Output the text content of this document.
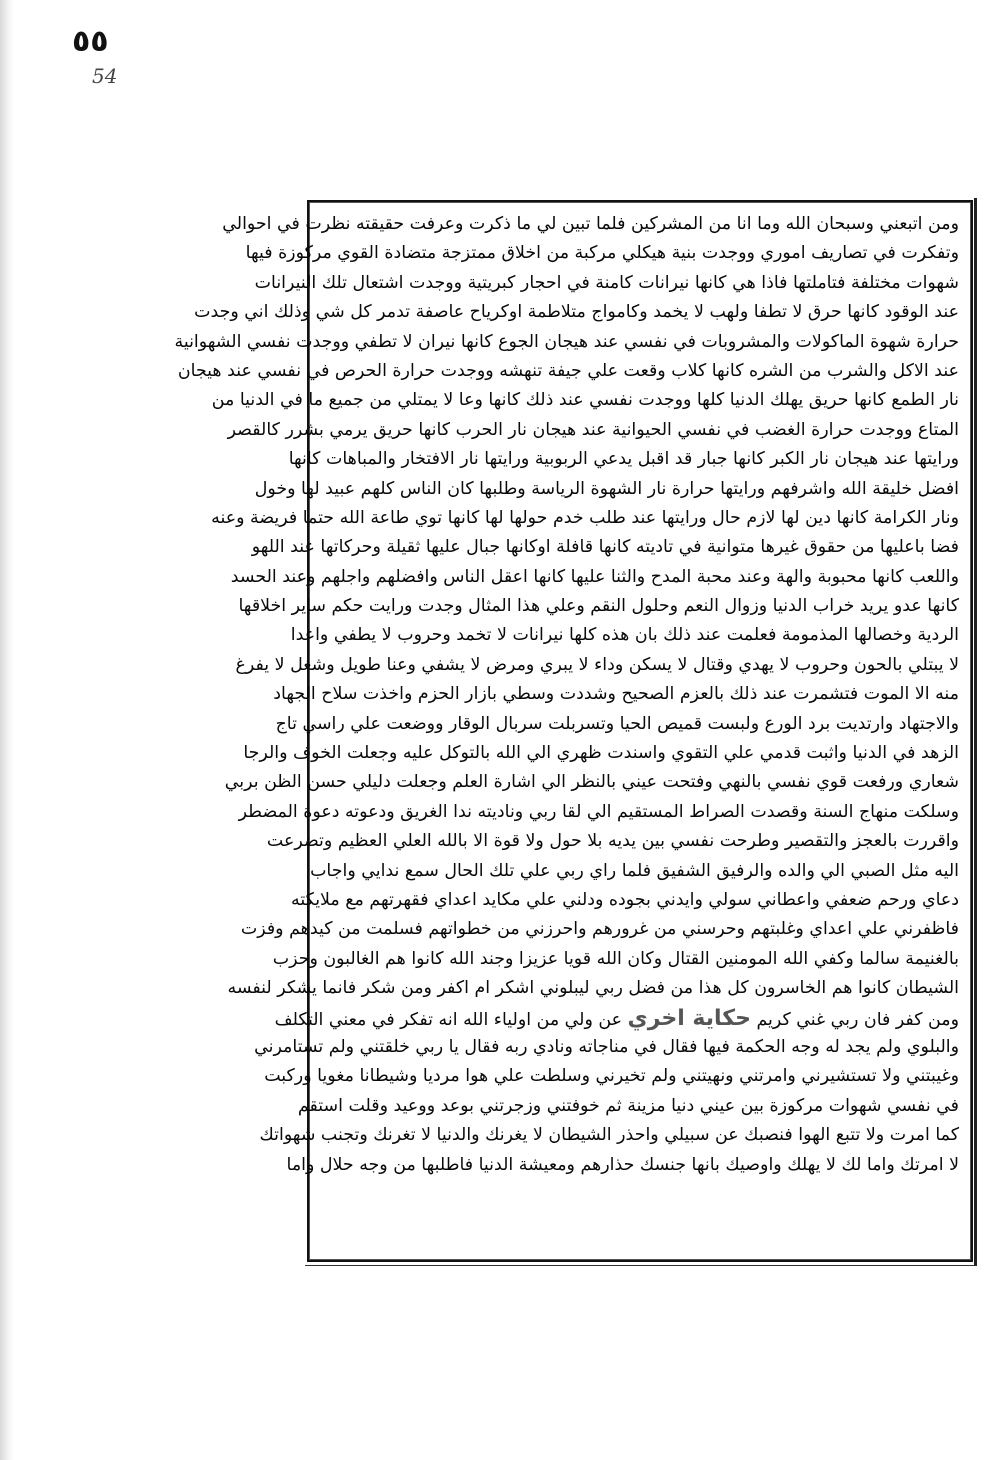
٥٥
54
ومن اتبعني وسبحان الله وما انا من المشركين فلما تبين لي ما ذكرت وعرفت حقيقته نظرت في احوالي
وتفكرت في تصاريف اموري ووجدت بنية هيكلي مركبة من اخلاق ممتزجة متضادة القوي مركوزة فيها
شهوات مختلفة فتاملتها فاذا هي كانها نيرانات كامنة في احجار كبريتية ووجدت اشتعال تلك النيرانات
عند الوقود كانها حرق لا تطفا ولهب لا يخمد وكامواج متلاطمة اوكرياح عاصفة تدمر كل شي وذلك اني وجدت
حرارة شهوة الماكولات والمشروبات في نفسي عند هيجان الجوع كانها نيران لا تطفي ووجدت نفسي الشهوانية
عند الاكل والشرب من الشره كانها كلاب وقعت علي جيفة تنهشه ووجدت حرارة الحرص في نفسي عند هيجان
نار الطمع كانها حريق يهلك الدنيا كلها ووجدت نفسي عند ذلك كانها وعا لا يمتلي من جميع ما في الدنيا من
المتاع ووجدت حرارة الغضب في نفسي الحيوانية عند هيجان نار الحرب كانها حريق يرمي بشرر كالقصر
ورايتها عند هيجان نار الكبر كانها جبار قد اقبل يدعي الربوبية ورايتها نار الافتخار والمباهات كانها
افضل خليقة الله واشرفهم ورايتها حرارة نار الشهوة الرياسة وطلبها كان الناس كلهم عبيد لها وخول
ونار الكرامة كانها دين لها لازم حال ورايتها عند طلب خدم حولها لها كانها توي طاعة الله حتما فريضة وعنه
فضا باعليها من حقوق غيرها متوانية في تاديته كانها قافلة اوكانها جبال عليها ثقيلة وحركاتها عند اللهو
واللعب كانها محبوبة والهة وعند محبة المدح والثنا عليها كانها اعقل الناس وافضلهم واجلهم وعند الحسد
كانها عدو يريد خراب الدنيا وزوال النعم وحلول النقم وعلي هذا المثال وجدت ورايت حكم ساير اخلاقها
الردية وخصالها المذمومة فعلمت عند ذلك بان هذه كلها نيرانات لا تخمد وحروب لا يطفي واعدا
لا يبتلي بالحون وحروب لا يهدي وقتال لا يسكن وداء لا يبري ومرض لا يشفي وعنا طويل وشغل لا يفرغ
منه الا الموت فتشمرت عند ذلك بالعزم الصحيح وشددت وسطي بازار الحزم واخذت سلاح الجهاد
والاجتهاد وارتديت برد الورع ولبست قميص الحيا وتسربلت سربال الوقار ووضعت علي راسي تاج
الزهد في الدنيا واثبت قدمي علي التقوي واسندت ظهري الي الله بالتوكل عليه وجعلت الخوف والرجا
شعاري ورفعت قوي نفسي بالنهي وفتحت عيني بالنظر الي اشارة العلم وجعلت دليلي حسن الظن بربي
وسلكت منهاج السنة وقصدت الصراط المستقيم الي لقا ربي وناديته ندا الغريق ودعوته دعوة المضطر
واقررت بالعجز والتقصير وطرحت نفسي بين يديه بلا حول ولا قوة الا بالله العلي العظيم وتضرعت
اليه مثل الصبي الي والده والرفيق الشفيق فلما راي ربي علي تلك الحال سمع ندايي واجاب
دعاي ورحم ضعفي واعطاني سولي وايدني بجوده ودلني علي مكايد اعداي فقهرتهم مع ملايكته
فاظفرني علي اعداي وغلبتهم وحرسني من غرورهم واحرزني من خطواتهم فسلمت من كيدهم وفزت
بالغنيمة سالما وكفي الله المومنين القتال وكان الله قويا عزيزا وجند الله كانوا هم الغالبون وحزب
الشيطان كانوا هم الخاسرون كل هذا من فضل ربي ليبلوني اشكر ام اكفر ومن شكر فانما يشكر لنفسه
ومن كفر فان ربي غني كريم حكاية اخري عن ولي من اولياء الله انه تفكر في معني التكلف
والبلوي ولم يجد له وجه الحكمة فيها فقال في مناجاته ونادي ربه فقال يا ربي خلقتني ولم تستامرني
وغيبتني ولا تستشيرني وامرتني ونهيتني ولم تخيرني وسلطت علي هوا مرديا وشيطانا مغويا وركبت
في نفسي شهوات مركوزة بين عيني دنيا مزينة ثم خوفتني وزجرتني بوعد ووعيد وقلت استقم
كما امرت ولا تتبع الهوا فنصبك عن سبيلي واحذر الشيطان لا يغرنك والدنيا لا تغرنك وتجنب شهواتك
لا امرتك واما لك لا يهلك واوصيك بانها جنسك حذارهم ومعيشة الدنيا فاطلبها من وجه حلال واما
